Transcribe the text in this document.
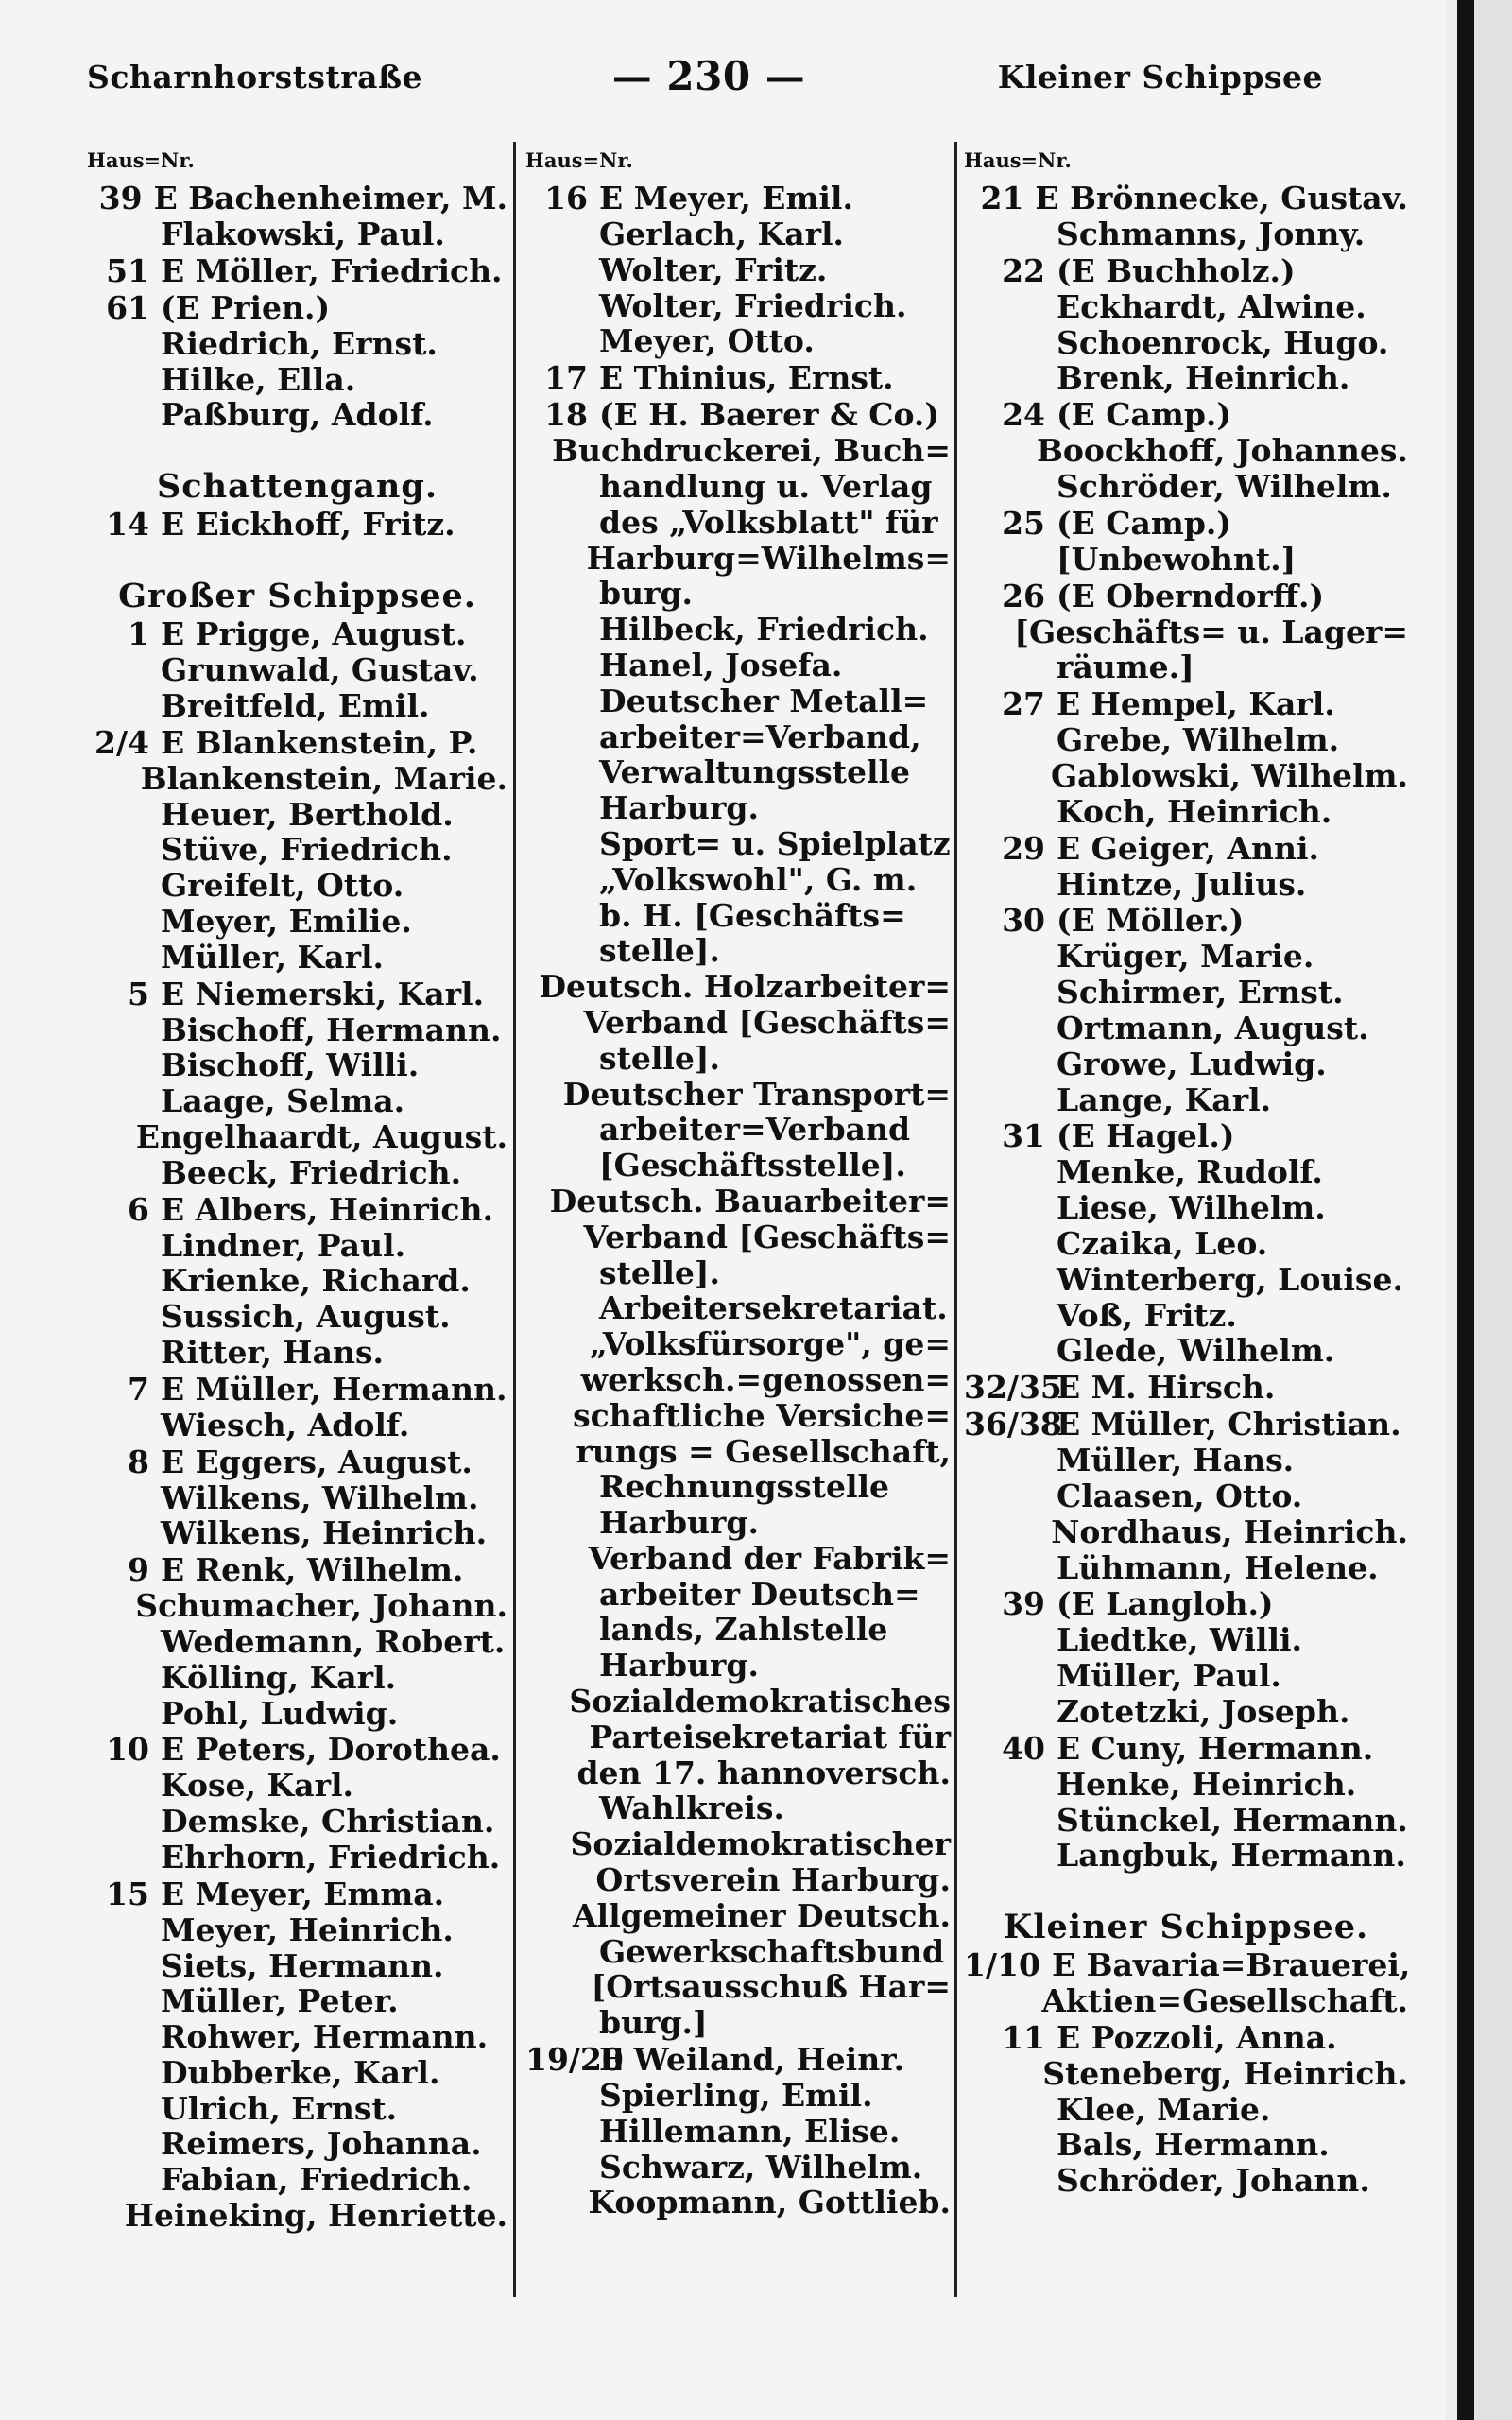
Scharnhorststraße	— 230 —	Kleiner Schippsee
Haus=Nr.
39 E Bachenheimer, M.
Flakowski, Paul.
51 E Möller, Friedrich.
61 (E Prien.)
Riedrich, Ernst.
Hilke, Ella.
Paßburg, Adolf.
Schattengang.
14 E Eickhoff, Fritz.
Großer Schippsee.
1 E Prigge, August.
Grunwald, Gustav.
Breitfeld, Emil.
2/4 E Blankenstein, P.
Blankenstein, Marie.
Heuer, Berthold.
Stüve, Friedrich.
Greifelt, Otto.
Meyer, Emilie.
Müller, Karl.
5 E Niemerski, Karl.
Bischoff, Hermann.
Bischoff, Willi.
Laage, Selma.
Engelhaardt, August.
Beeck, Friedrich.
6 E Albers, Heinrich.
Lindner, Paul.
Krienke, Richard.
Sussich, August.
Ritter, Hans.
7 E Müller, Hermann.
Wiesch, Adolf.
8 E Eggers, August.
Wilkens, Wilhelm.
Wilkens, Heinrich.
9 E Renk, Wilhelm.
Schumacher, Johann.
Wedemann, Robert.
Kölling, Karl.
Pohl, Ludwig.
10 E Peters, Dorothea.
Kose, Karl.
Demske, Christian.
Ehrhorn, Friedrich.
15 E Meyer, Emma.
Meyer, Heinrich.
Siets, Hermann.
Müller, Peter.
Rohwer, Hermann.
Dubberke, Karl.
Ulrich, Ernst.
Reimers, Johanna.
Fabian, Friedrich.
Heineking, Henriette.
Haus=Nr.
16 E Meyer, Emil.
Gerlach, Karl.
Wolter, Fritz.
Wolter, Friedrich.
Meyer, Otto.
17 E Thinius, Ernst.
18 (E H. Baerer & Co.)
Buchdruckerei, Buch=
handlung u. Verlag
des „Volksblatt" für
Harburg=Wilhelms=
burg.
Hilbeck, Friedrich.
Hanel, Josefa.
Deutscher Metall=
arbeiter=Verband,
Verwaltungsstelle
Harburg.
Sport= u. Spielplatz
„Volkswohl", G. m.
b. H. [Geschäfts=
stelle].
Deutsch. Holzarbeiter=
Verband [Geschäfts=
stelle].
Deutscher Transport=
arbeiter=Verband
[Geschäftsstelle].
Deutsch. Bauarbeiter=
Verband [Geschäfts=
stelle].
Arbeitersekretariat.
„Volksfürsorge", ge=
werksch.=genossen=
schaftliche Versiche=
rungs = Gesellschaft,
Rechnungsstelle
Harburg.
Verband der Fabrik=
arbeiter Deutsch=
lands, Zahlstelle
Harburg.
Sozialdemokratisches
Parteisekretariat für
den 17. hannoversch.
Wahlkreis.
Sozialdemokratischer
Ortsverein Harburg.
Allgemeiner Deutsch.
Gewerkschaftsbund
[Ortsausschuß Har=
burg.]
19/20
E Weiland, Heinr.
Spierling, Emil.
Hillemann, Elise.
Schwarz, Wilhelm.
Koopmann, Gottlieb.
Haus=Nr.
21 E Brönnecke, Gustav.
Schmanns, Jonny.
22 (E Buchholz.)
Eckhardt, Alwine.
Schoenrock, Hugo.
Brenk, Heinrich.
24 (E Camp.)
Boockhoff, Johannes.
Schröder, Wilhelm.
25 (E Camp.)
[Unbewohnt.]
26 (E Oberndorff.)
[Geschäfts= u. Lager=
räume.]
27 E Hempel, Karl.
Grebe, Wilhelm.
Gablowski, Wilhelm.
Koch, Heinrich.
29 E Geiger, Anni.
Hintze, Julius.
30 (E Möller.)
Krüger, Marie.
Schirmer, Ernst.
Ortmann, August.
Growe, Ludwig.
Lange, Karl.
31 (E Hagel.)
Menke, Rudolf.
Liese, Wilhelm.
Czaika, Leo.
Winterberg, Louise.
Voß, Fritz.
Glede, Wilhelm.
32/35
E M. Hirsch.
36/38
E Müller, Christian.
Müller, Hans.
Claasen, Otto.
Nordhaus, Heinrich.
Lühmann, Helene.
39 (E Langloh.)
Liedtke, Willi.
Müller, Paul.
Zotetzki, Joseph.
40 E Cuny, Hermann.
Henke, Heinrich.
Stünckel, Hermann.
Langbuk, Hermann.
Kleiner Schippsee.
1/10 E Bavaria=Brauerei,
Aktien=Gesellschaft.
11 E Pozzoli, Anna.
Steneberg, Heinrich.
Klee, Marie.
Bals, Hermann.
Schröder, Johann.
